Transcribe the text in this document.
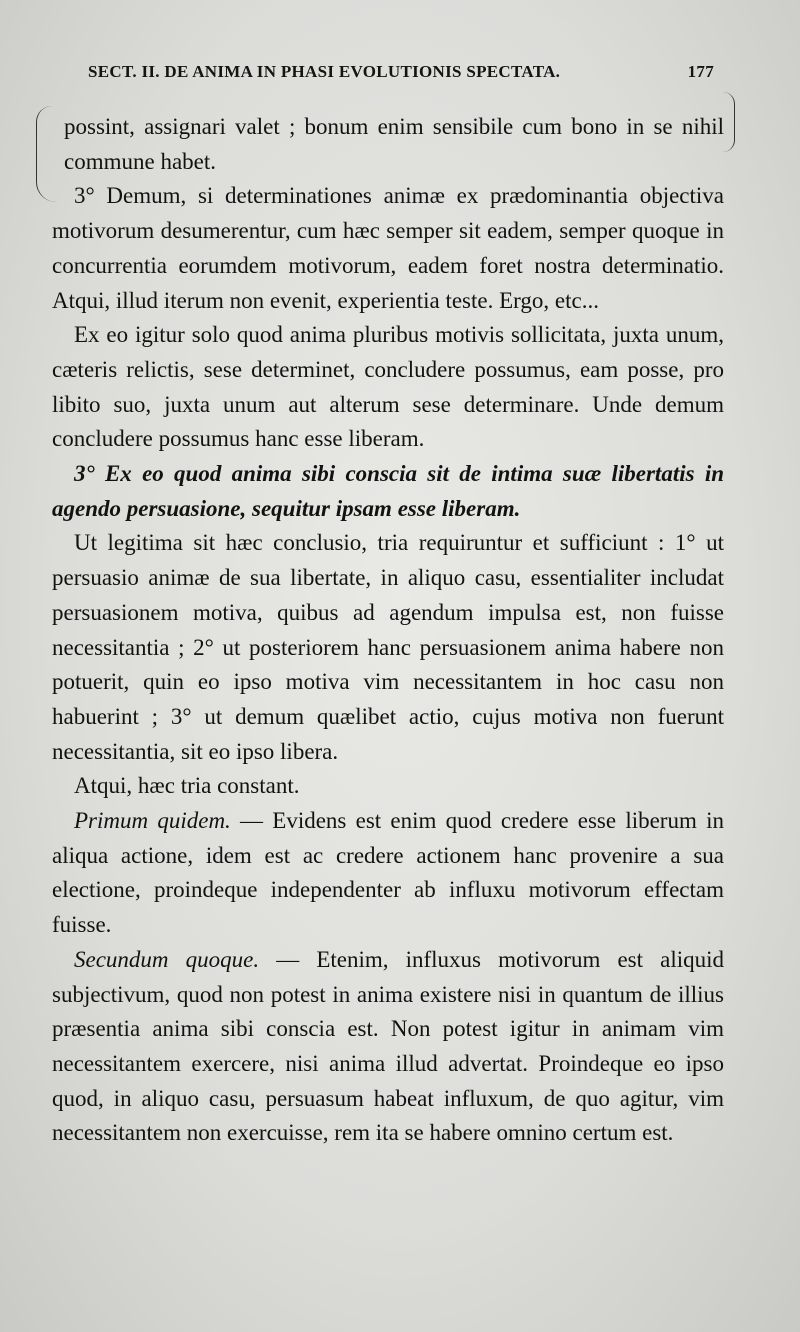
SECT. II. DE ANIMA IN PHASI EVOLUTIONIS SPECTATA.	177

possint, assignari valet ; bonum enim sensibile cum bono in se nihil commune habet.

3° Demum, si determinationes animæ ex prædominantia objectiva motivorum desumerentur, cum hæc semper sit eadem, semper quoque in concurrentia eorumdem motivorum, eadem foret nostra determinatio. Atqui, illud iterum non evenit, experientia teste. Ergo, etc...

Ex eo igitur solo quod anima pluribus motivis sollicitata, juxta unum, cæteris relictis, sese determinet, concludere possumus, eam posse, pro libito suo, juxta unum aut alterum sese determinare. Unde demum concludere possumus hanc esse liberam.

3° Ex eo quod anima sibi conscia sit de intima suæ libertatis in agendo persuasione, sequitur ipsam esse liberam.

Ut legitima sit hæc conclusio, tria requiruntur et sufficiunt : 1° ut persuasio animæ de sua libertate, in aliquo casu, essentialiter includat persuasionem motiva, quibus ad agendum impulsa est, non fuisse necessitantia ; 2° ut posteriorem hanc persuasionem anima habere non potuerit, quin eo ipso motiva vim necessitantem in hoc casu non habuerint ; 3° ut demum quælibet actio, cujus motiva non fuerunt necessitantia, sit eo ipso libera.

Atqui, hæc tria constant.

Primum quidem. — Evidens est enim quod credere esse liberum in aliqua actione, idem est ac credere actionem hanc provenire a sua electione, proindeque independenter ab influxu motivorum effectam fuisse.

Secundum quoque. — Etenim, influxus motivorum est aliquid subjectivum, quod non potest in anima existere nisi in quantum de illius præsentia anima sibi conscia est. Non potest igitur in animam vim necessitantem exercere, nisi anima illud advertat. Proindeque eo ipso quod, in aliquo casu, persuasum habeat influxum, de quo agitur, vim necessitantem non exercuisse, rem ita se habere omnino certum est.
